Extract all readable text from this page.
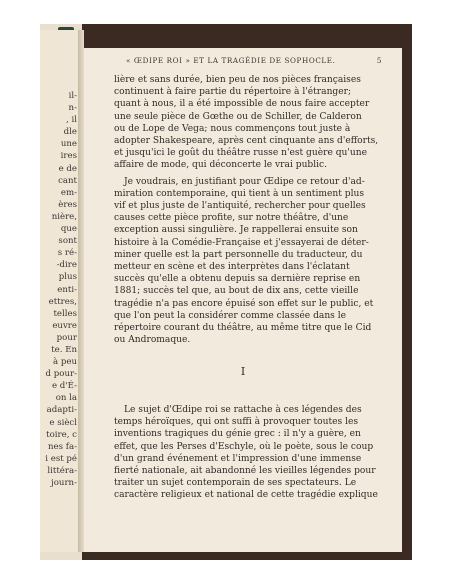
il-
n-
, il
dle
une
ires
e de
cant
em-
ères
nière,
que
sont
s ré-
-dire
plus
enti-
ettres,
telles
euvre
pour
te. En
à peu
d pour-
e d'É-
on la
adapti-
e siècl
toire, c
nes fa-
i est pé
littéra-
journ-
« ŒDIPE ROI » ET LA TRAGÉDIE DE SOPHOCLE.	5
lière et sans durée, bien peu de nos pièces françaises
continuent à faire partie du répertoire à l'étranger;
quant à nous, il a été impossible de nous faire accepter
une seule pièce de Gœthe ou de Schiller, de Calderon
ou de Lope de Vega; nous commençons tout juste à
adopter Shakespeare, après cent cinquante ans d'efforts,
et jusqu'ici le goût du théâtre russe n'est guère qu'une
affaire de mode, qui déconcerte le vrai public.
Je voudrais, en justifiant pour Œdipe ce retour d'ad-
miration contemporaine, qui tient à un sentiment plus
vif et plus juste de l'antiquité, rechercher pour quelles
causes cette pièce profite, sur notre théâtre, d'une
exception aussi singulière. Je rappellerai ensuite son
histoire à la Comédie-Française et j'essayerai de déter-
miner quelle est la part personnelle du traducteur, du
metteur en scène et des interprètes dans l'éclatant
succès qu'elle a obtenu depuis sa dernière reprise en
1881; succès tel que, au bout de dix ans, cette vieille
tragédie n'a pas encore épuisé son effet sur le public, et
que l'on peut la considérer comme classée dans le
répertoire courant du théâtre, au même titre que le Cid
ou Andromaque.
I
Le sujet d'Œdipe roi se rattache à ces légendes des
temps héroïques, qui ont suffi à provoquer toutes les
inventions tragiques du génie grec : il n'y a guère, en
effet, que les Perses d'Eschyle, où le poète, sous le coup
d'un grand événement et l'impression d'une immense
fierté nationale, ait abandonné les vieilles légendes pour
traiter un sujet contemporain de ses spectateurs. Le
caractère religieux et national de cette tragédie explique
